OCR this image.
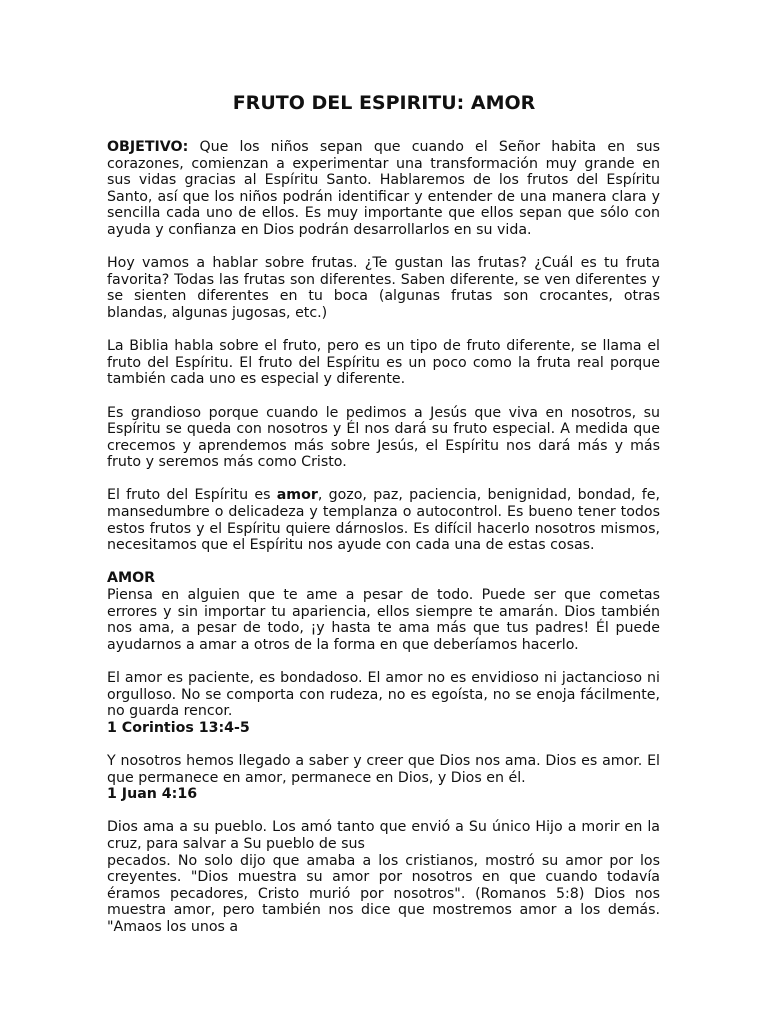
FRUTO DEL ESPIRITU: AMOR

OBJETIVO: Que los niños sepan que cuando el Señor habita en sus corazones, comienzan a experimentar una transformación muy grande en sus vidas gracias al Espíritu Santo. Hablaremos de los frutos del Espíritu Santo, así que los niños podrán identificar y entender de una manera clara y sencilla cada uno de ellos. Es muy importante que ellos sepan que sólo con ayuda y confianza en Dios podrán desarrollarlos en su vida.

Hoy vamos a hablar sobre frutas. ¿Te gustan las frutas? ¿Cuál es tu fruta favorita? Todas las frutas son diferentes. Saben diferente, se ven diferentes y se sienten diferentes en tu boca (algunas frutas son crocantes, otras blandas, algunas jugosas, etc.)

La Biblia habla sobre el fruto, pero es un tipo de fruto diferente, se llama el fruto del Espíritu. El fruto del Espíritu es un poco como la fruta real porque también cada uno es especial y diferente.

Es grandioso porque cuando le pedimos a Jesús que viva en nosotros, su Espíritu se queda con nosotros y Él nos dará su fruto especial. A medida que crecemos y aprendemos más sobre Jesús, el Espíritu nos dará más y más fruto y seremos más como Cristo.

El fruto del Espíritu es amor, gozo, paz, paciencia, benignidad, bondad, fe, mansedumbre o delicadeza y templanza o autocontrol. Es bueno tener todos estos frutos y el Espíritu quiere dárnoslos. Es difícil hacerlo nosotros mismos, necesitamos que el Espíritu nos ayude con cada una de estas cosas.

AMOR

Piensa en alguien que te ame a pesar de todo. Puede ser que cometas errores y sin importar tu apariencia, ellos siempre te amarán. Dios también nos ama, a pesar de todo, ¡y hasta te ama más que tus padres! Él puede ayudarnos a amar a otros de la forma en que deberíamos hacerlo.

El amor es paciente, es bondadoso. El amor no es envidioso ni jactancioso ni orgulloso. No se comporta con rudeza, no es egoísta, no se enoja fácilmente, no guarda rencor.

1 Corintios 13:4-5

Y nosotros hemos llegado a saber y creer que Dios nos ama. Dios es amor. El que permanece en amor, permanece en Dios, y Dios en él.

1 Juan 4:16

Dios ama a su pueblo. Los amó tanto que envió a Su único Hijo a morir en la cruz, para salvar a Su pueblo de sus
pecados. No solo dijo que amaba a los cristianos, mostró su amor por los creyentes. "Dios muestra su amor por nosotros en que cuando todavía éramos pecadores, Cristo murió por nosotros". (Romanos 5:8) Dios nos muestra amor, pero también nos dice que mostremos amor a los demás. "Amaos los unos a
